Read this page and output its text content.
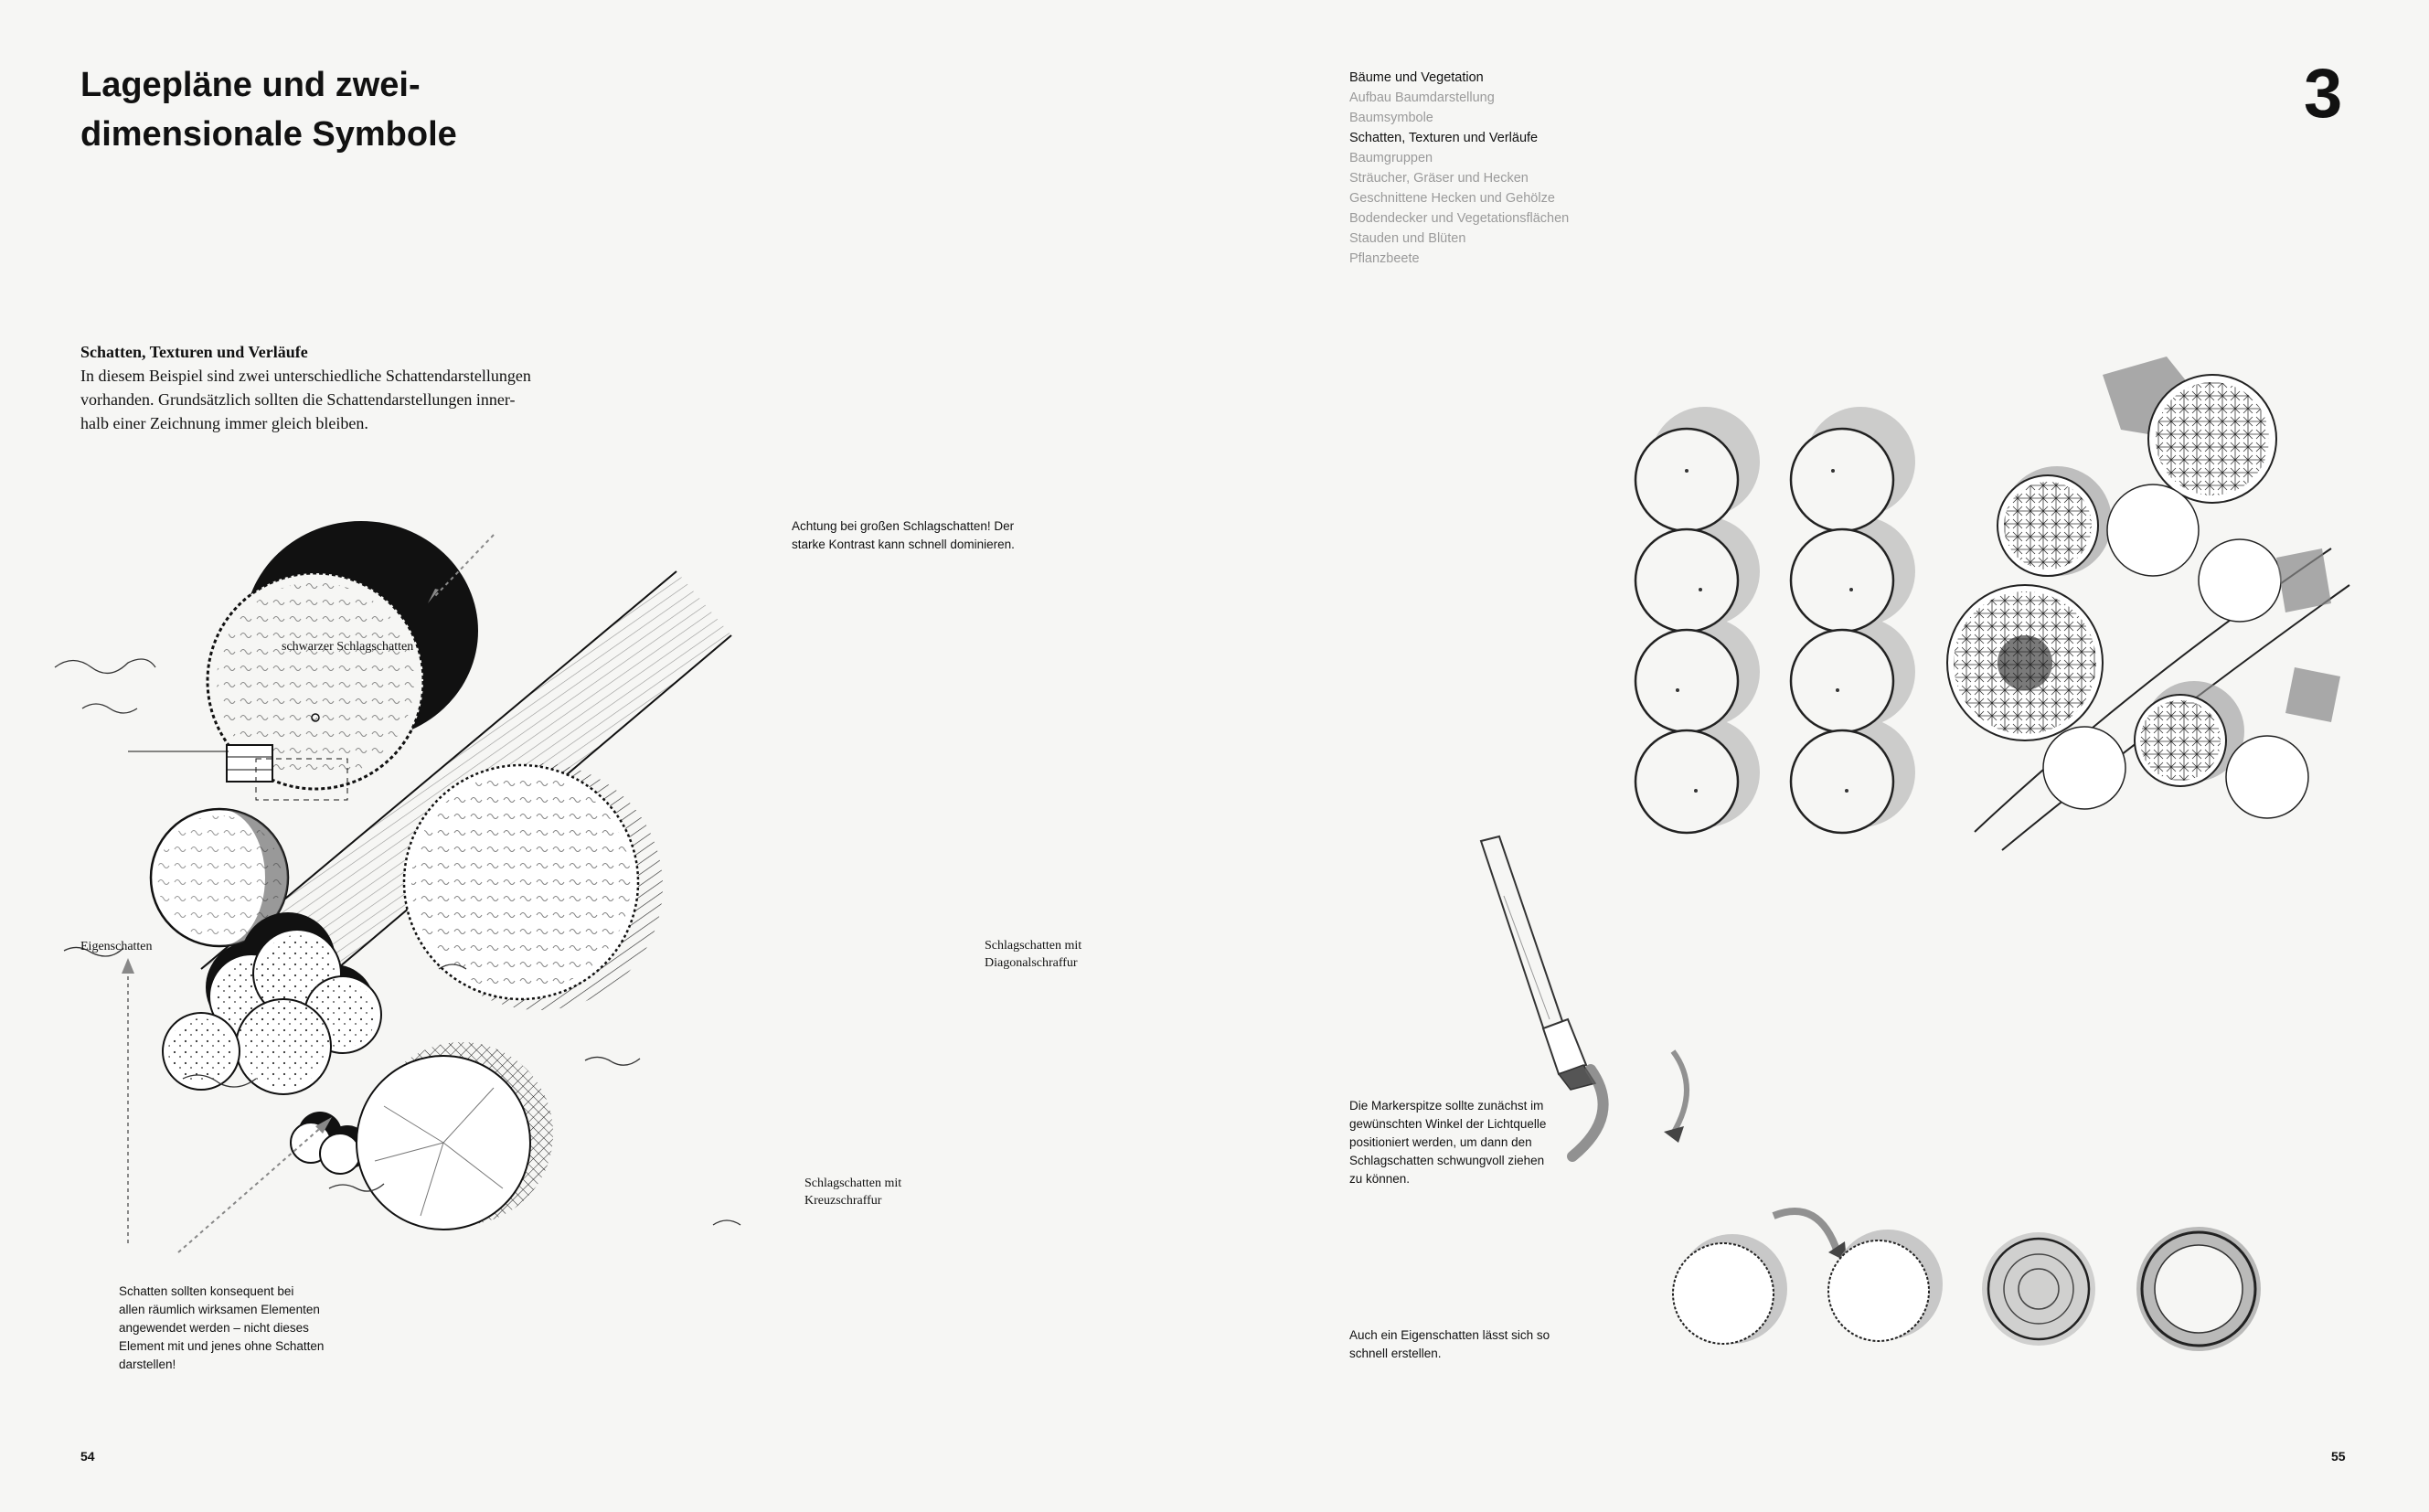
Lagepläne und zwei-
dimensionale Symbole
3
Bäume und Vegetation
Aufbau Baumdarstellung
Baumsymbole
Schatten, Texturen und Verläufe
Baumgruppen
Sträucher, Gräser und Hecken
Geschnittene Hecken und Gehölze
Bodendecker und Vegetationsflächen
Stauden und Blüten
Pflanzbeete
Schatten, Texturen und Verläufe
In diesem Beispiel sind zwei unterschiedliche Schattendarstellungen
vorhanden. Grundsätzlich sollten die Schattendarstellungen inner-
halb einer Zeichnung immer gleich bleiben.
Achtung bei großen Schlagschatten! Der
starke Kontrast kann schnell dominieren.
schwarzer Schlagschatten
Eigenschatten	Schlagschatten mit
Diagonalschraffur
Schlagschatten mit
Kreuzschraffur
Schatten sollten konsequent bei
allen räumlich wirksamen Elementen
angewendet werden – nicht dieses
Element mit und jenes ohne Schatten
darstellen!
Die Markerspitze sollte zunächst im
gewünschten Winkel der Lichtquelle
positioniert werden, um dann den
Schlagschatten schwungvoll ziehen
zu können.
Auch ein Eigenschatten lässt sich so
schnell erstellen.
54	55
